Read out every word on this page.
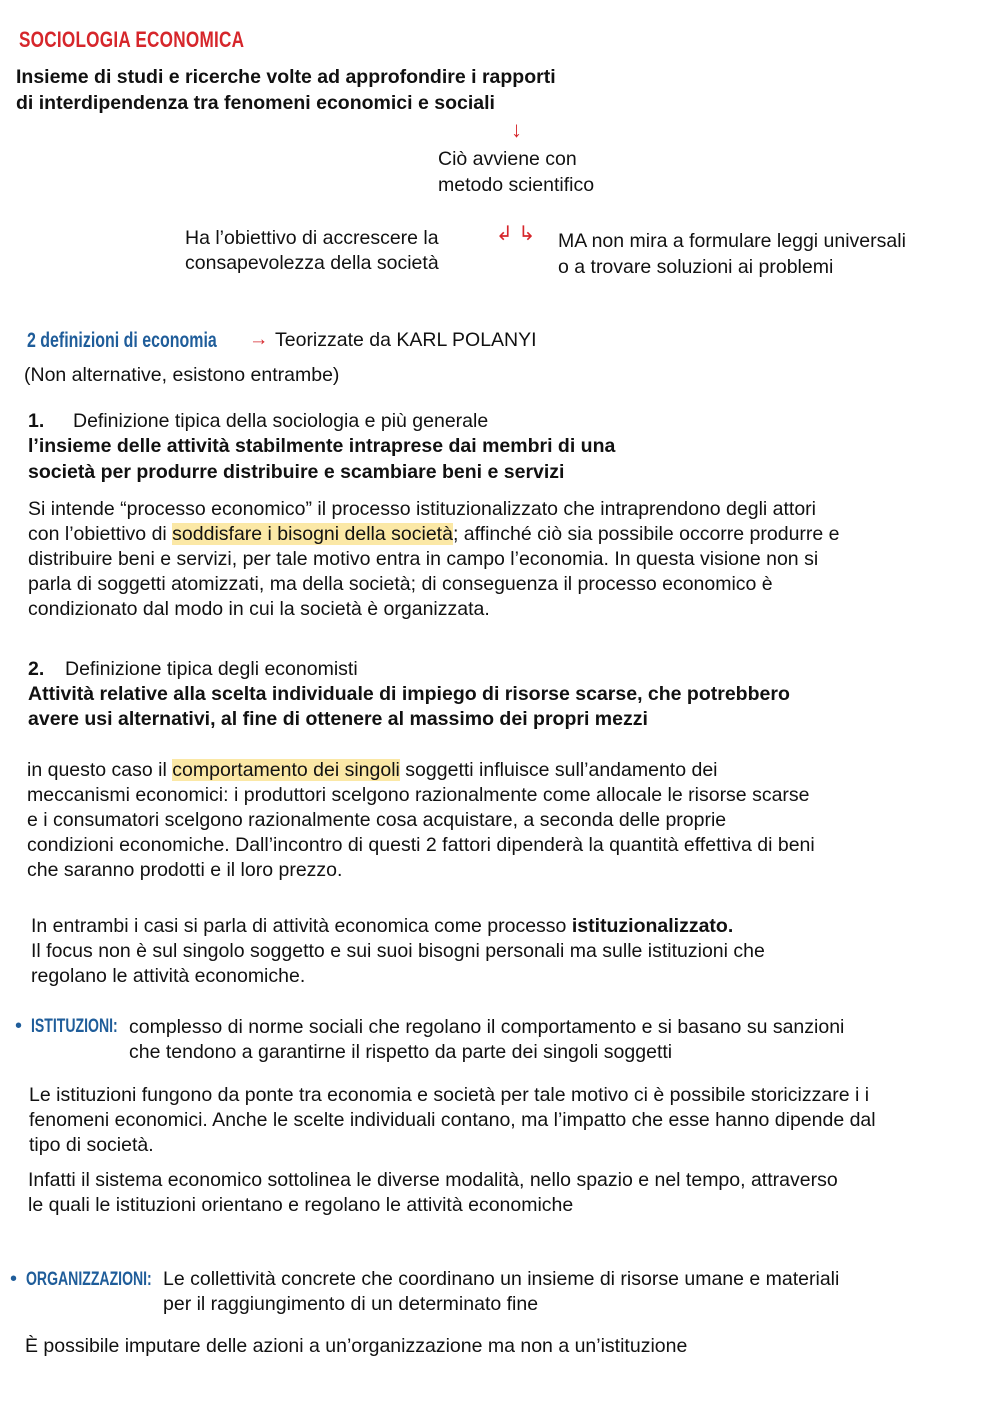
SOCIOLOGIA ECONOMICA
Insieme di studi e ricerche volte ad approfondire i rapporti
di interdipendenza tra fenomeni economici e sociali
↓
Ciò avviene con
metodo scientifico
↲ ↳
Ha l’obiettivo di accrescere la
consapevolezza della società
MA non mira a formulare leggi universali
o a trovare soluzioni ai problemi
2 definizioni di economia → Teorizzate da KARL POLANYI
(Non alternative, esistono entrambe)
1. Definizione tipica della sociologia e più generale
l’insieme delle attività stabilmente intraprese dai membri di una
società per produrre distribuire e scambiare beni e servizi
Si intende “processo economico” il processo istituzionalizzato che intraprendono degli attori
con l’obiettivo di soddisfare i bisogni della società; affinché ciò sia possibile occorre produrre e
distribuire beni e servizi, per tale motivo entra in campo l’economia. In questa visione non si
parla di soggetti atomizzati, ma della società; di conseguenza il processo economico è
condizionato dal modo in cui la società è organizzata.
2. Definizione tipica degli economisti
Attività relative alla scelta individuale di impiego di risorse scarse, che potrebbero
avere usi alternativi, al fine di ottenere al massimo dei propri mezzi
in questo caso il comportamento dei singoli soggetti influisce sull’andamento dei
meccanismi economici: i produttori scelgono razionalmente come allocale le risorse scarse
e i consumatori scelgono razionalmente cosa acquistare, a seconda delle proprie
condizioni economiche. Dall’incontro di questi 2 fattori dipenderà la quantità effettiva di beni
che saranno prodotti e il loro prezzo.
In entrambi i casi si parla di attività economica come processo istituzionalizzato.
Il focus non è sul singolo soggetto e sui suoi bisogni personali ma sulle istituzioni che
regolano le attività economiche.
• ISTITUZIONI: complesso di norme sociali che regolano il comportamento e si basano su sanzioni
che tendono a garantirne il rispetto da parte dei singoli soggetti
Le istituzioni fungono da ponte tra economia e società per tale motivo ci è possibile storicizzare i i
fenomeni economici. Anche le scelte individuali contano, ma l’impatto che esse hanno dipende dal
tipo di società.
Infatti il sistema economico sottolinea le diverse modalità, nello spazio e nel tempo, attraverso
le quali le istituzioni orientano e regolano le attività economiche
• ORGANIZZAZIONI: Le collettività concrete che coordinano un insieme di risorse umane e materiali
per il raggiungimento di un determinato fine
È possibile imputare delle azioni a un’organizzazione ma non a un’istituzione
